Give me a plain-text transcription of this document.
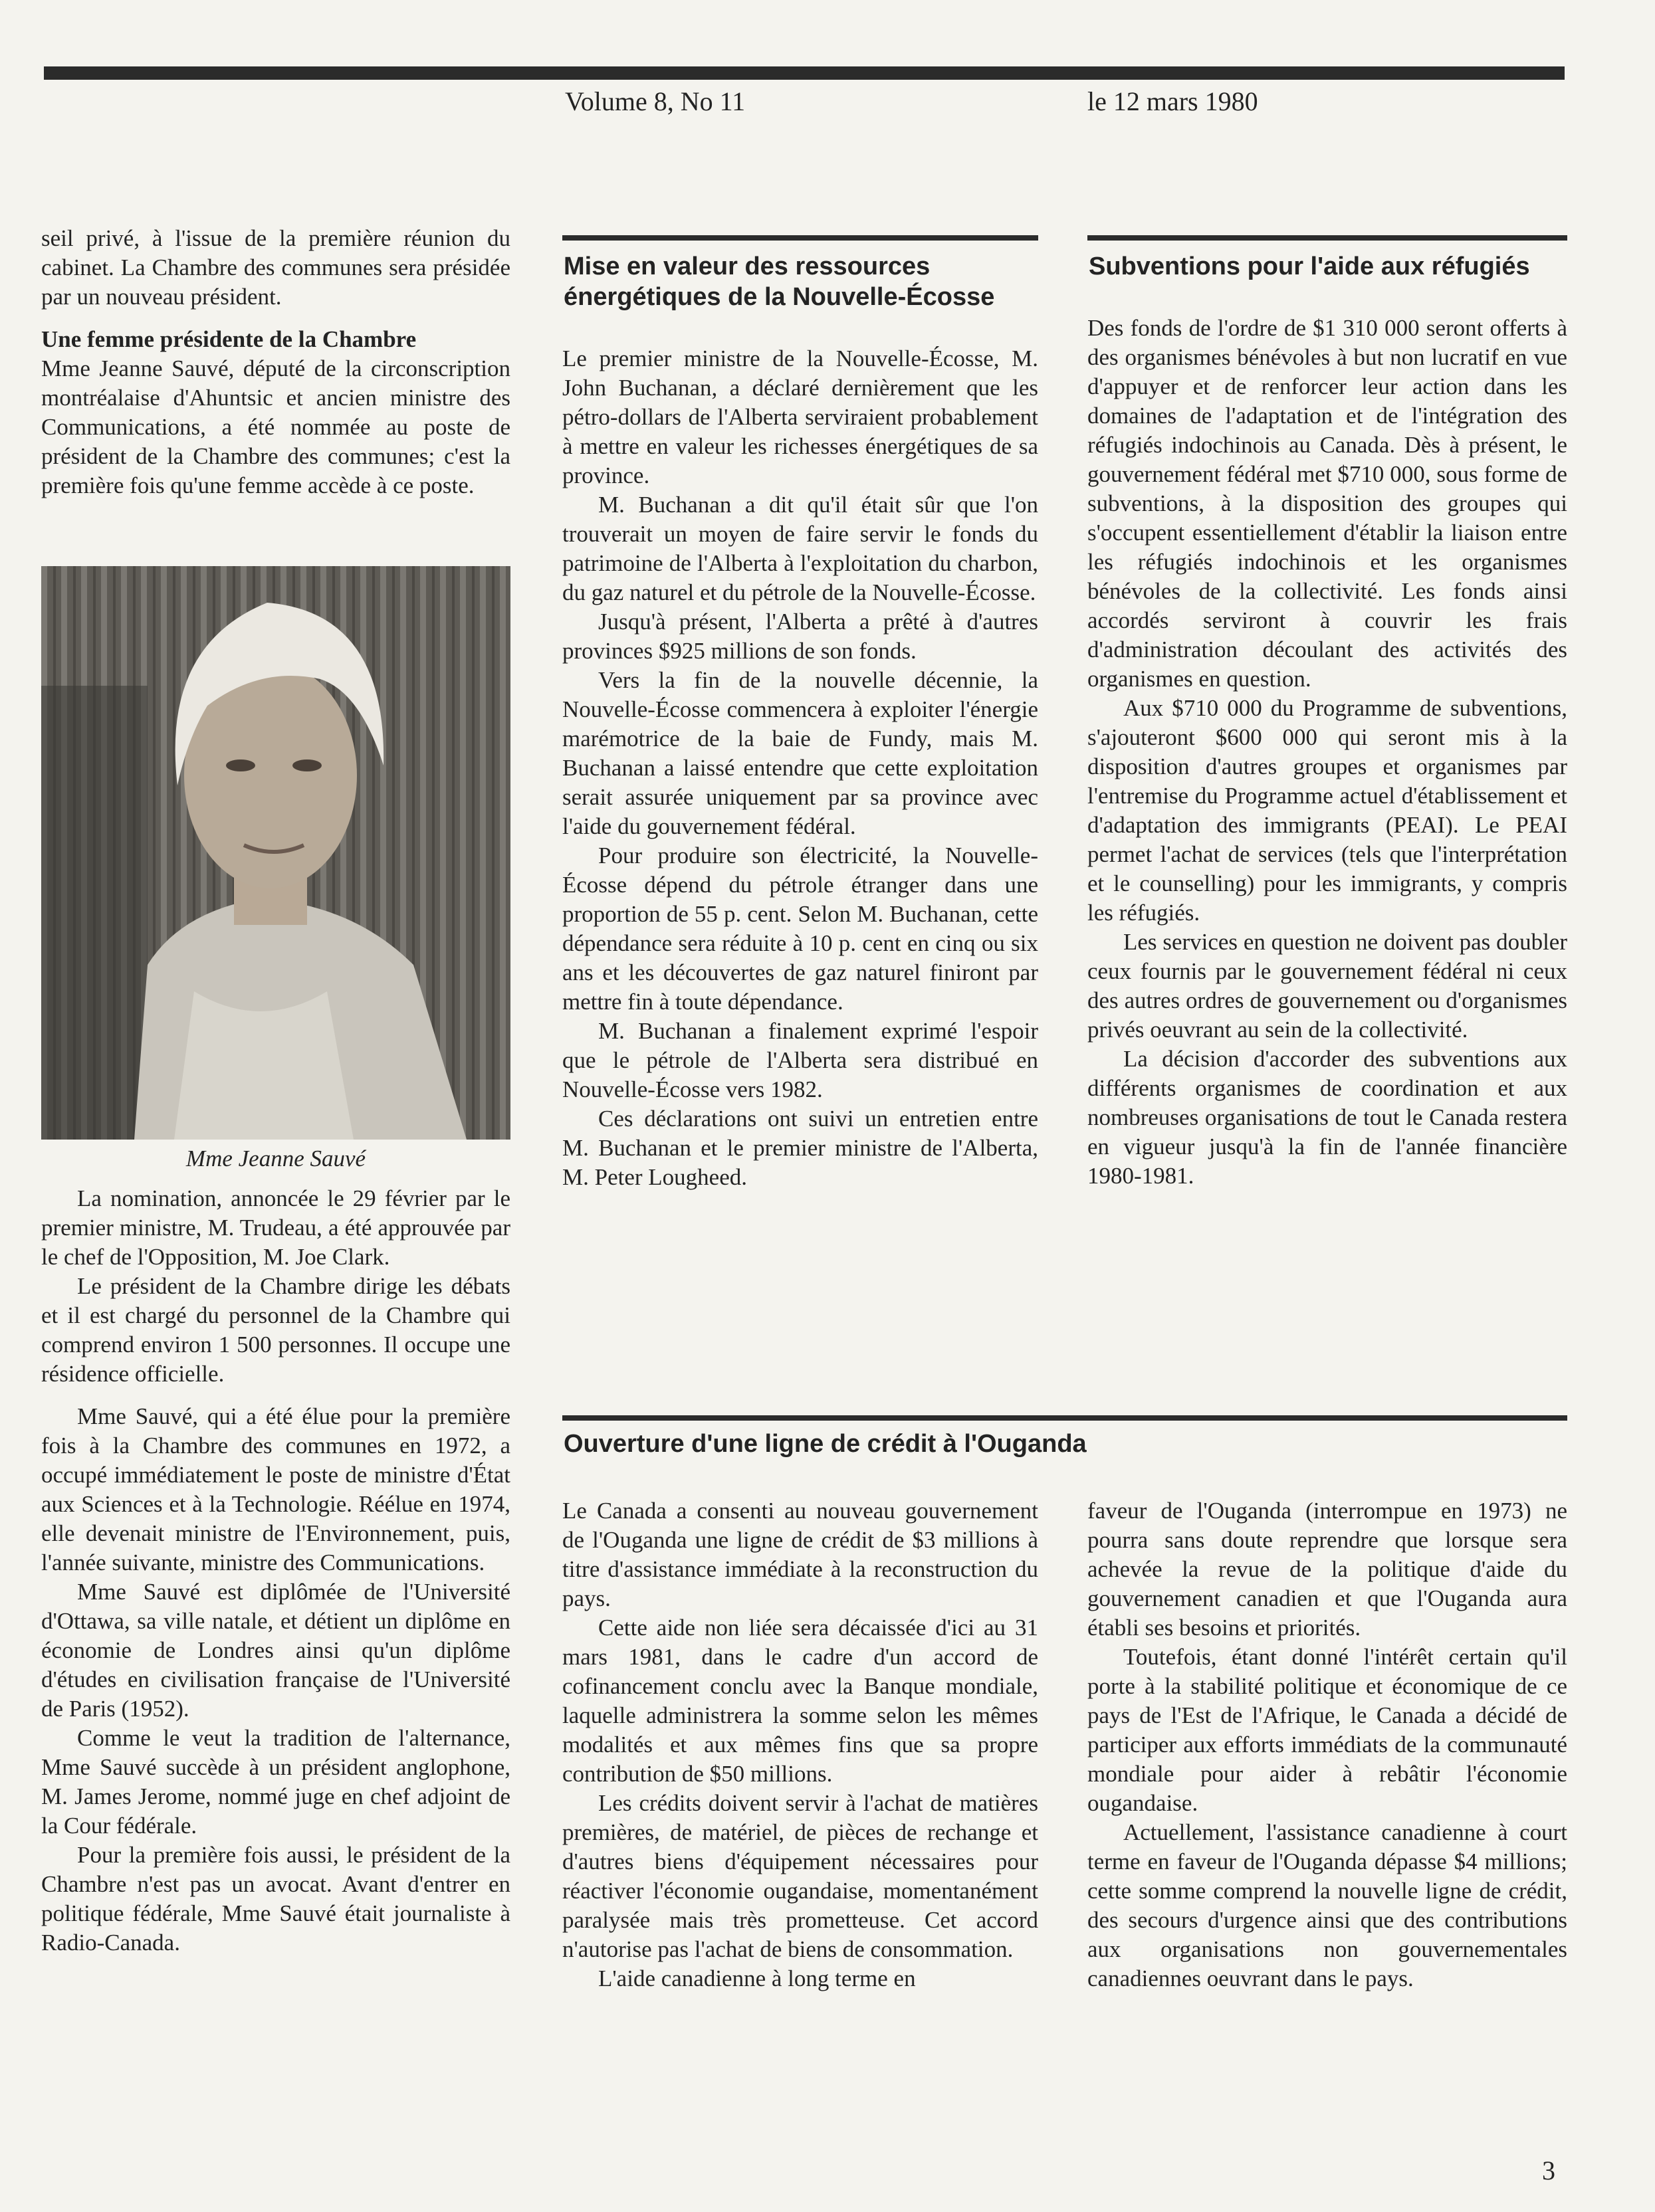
Volume 8, No 11	le 12 mars 1980

seil privé, à l'issue de la première réunion du cabinet. La Chambre des communes sera présidée par un nouveau président.

Une femme présidente de la Chambre

Mme Jeanne Sauvé, député de la circonscription montréalaise d'Ahuntsic et ancien ministre des Communications, a été nommée au poste de président de la Chambre des communes; c'est la première fois qu'une femme accède à ce poste.

Mme Jeanne Sauvé

La nomination, annoncée le 29 février par le premier ministre, M. Trudeau, a été approuvée par le chef de l'Opposition, M. Joe Clark.

Le président de la Chambre dirige les débats et il est chargé du personnel de la Chambre qui comprend environ 1 500 personnes. Il occupe une résidence officielle.

Mme Sauvé, qui a été élue pour la première fois à la Chambre des communes en 1972, a occupé immédiatement le poste de ministre d'État aux Sciences et à la Technologie. Réélue en 1974, elle devenait ministre de l'Environnement, puis, l'année suivante, ministre des Communications.

Mme Sauvé est diplômée de l'Université d'Ottawa, sa ville natale, et détient un diplôme en économie de Londres ainsi qu'un diplôme d'études en civilisation française de l'Université de Paris (1952).

Comme le veut la tradition de l'alternance, Mme Sauvé succède à un président anglophone, M. James Jerome, nommé juge en chef adjoint de la Cour fédérale.

Pour la première fois aussi, le président de la Chambre n'est pas un avocat. Avant d'entrer en politique fédérale, Mme Sauvé était journaliste à Radio-Canada.

Mise en valeur des ressources énergétiques de la Nouvelle-Écosse

Le premier ministre de la Nouvelle-Écosse, M. John Buchanan, a déclaré dernièrement que les pétro-dollars de l'Alberta serviraient probablement à mettre en valeur les richesses énergétiques de sa province.

M. Buchanan a dit qu'il était sûr que l'on trouverait un moyen de faire servir le fonds du patrimoine de l'Alberta à l'exploitation du charbon, du gaz naturel et du pétrole de la Nouvelle-Écosse.

Jusqu'à présent, l'Alberta a prêté à d'autres provinces $925 millions de son fonds.

Vers la fin de la nouvelle décennie, la Nouvelle-Écosse commencera à exploiter l'énergie marémotrice de la baie de Fundy, mais M. Buchanan a laissé entendre que cette exploitation serait assurée uniquement par sa province avec l'aide du gouvernement fédéral.

Pour produire son électricité, la Nouvelle-Écosse dépend du pétrole étranger dans une proportion de 55 p. cent. Selon M. Buchanan, cette dépendance sera réduite à 10 p. cent en cinq ou six ans et les découvertes de gaz naturel finiront par mettre fin à toute dépendance.

M. Buchanan a finalement exprimé l'espoir que le pétrole de l'Alberta sera distribué en Nouvelle-Écosse vers 1982.

Ces déclarations ont suivi un entretien entre M. Buchanan et le premier ministre de l'Alberta, M. Peter Lougheed.

Subventions pour l'aide aux réfugiés

Des fonds de l'ordre de $1 310 000 seront offerts à des organismes bénévoles à but non lucratif en vue d'appuyer et de renforcer leur action dans les domaines de l'adaptation et de l'intégration des réfugiés indochinois au Canada. Dès à présent, le gouvernement fédéral met $710 000, sous forme de subventions, à la disposition des groupes qui s'occupent essentiellement d'établir la liaison entre les réfugiés indochinois et les organismes bénévoles de la collectivité. Les fonds ainsi accordés serviront à couvrir les frais d'administration découlant des activités des organismes en question.

Aux $710 000 du Programme de subventions, s'ajouteront $600 000 qui seront mis à la disposition d'autres groupes et organismes par l'entremise du Programme actuel d'établissement et d'adaptation des immigrants (PEAI). Le PEAI permet l'achat de services (tels que l'interprétation et le counselling) pour les immigrants, y compris les réfugiés.

Les services en question ne doivent pas doubler ceux fournis par le gouvernement fédéral ni ceux des autres ordres de gouvernement ou d'organismes privés oeuvrant au sein de la collectivité.

La décision d'accorder des subventions aux différents organismes de coordination et aux nombreuses organisations de tout le Canada restera en vigueur jusqu'à la fin de l'année financière 1980-1981.

Ouverture d'une ligne de crédit à l'Ouganda

Le Canada a consenti au nouveau gouvernement de l'Ouganda une ligne de crédit de $3 millions à titre d'assistance immédiate à la reconstruction du pays.

Cette aide non liée sera décaissée d'ici au 31 mars 1981, dans le cadre d'un accord de cofinancement conclu avec la Banque mondiale, laquelle administrera la somme selon les mêmes modalités et aux mêmes fins que sa propre contribution de $50 millions.

Les crédits doivent servir à l'achat de matières premières, de matériel, de pièces de rechange et d'autres biens d'équipement nécessaires pour réactiver l'économie ougandaise, momentanément paralysée mais très prometteuse. Cet accord n'autorise pas l'achat de biens de consommation.

L'aide canadienne à long terme en

faveur de l'Ouganda (interrompue en 1973) ne pourra sans doute reprendre que lorsque sera achevée la revue de la politique d'aide du gouvernement canadien et que l'Ouganda aura établi ses besoins et priorités.

Toutefois, étant donné l'intérêt certain qu'il porte à la stabilité politique et économique de ce pays de l'Est de l'Afrique, le Canada a décidé de participer aux efforts immédiats de la communauté mondiale pour aider à rebâtir l'économie ougandaise.

Actuellement, l'assistance canadienne à court terme en faveur de l'Ouganda dépasse $4 millions; cette somme comprend la nouvelle ligne de crédit, des secours d'urgence ainsi que des contributions aux organisations non gouvernementales canadiennes oeuvrant dans le pays.

3
